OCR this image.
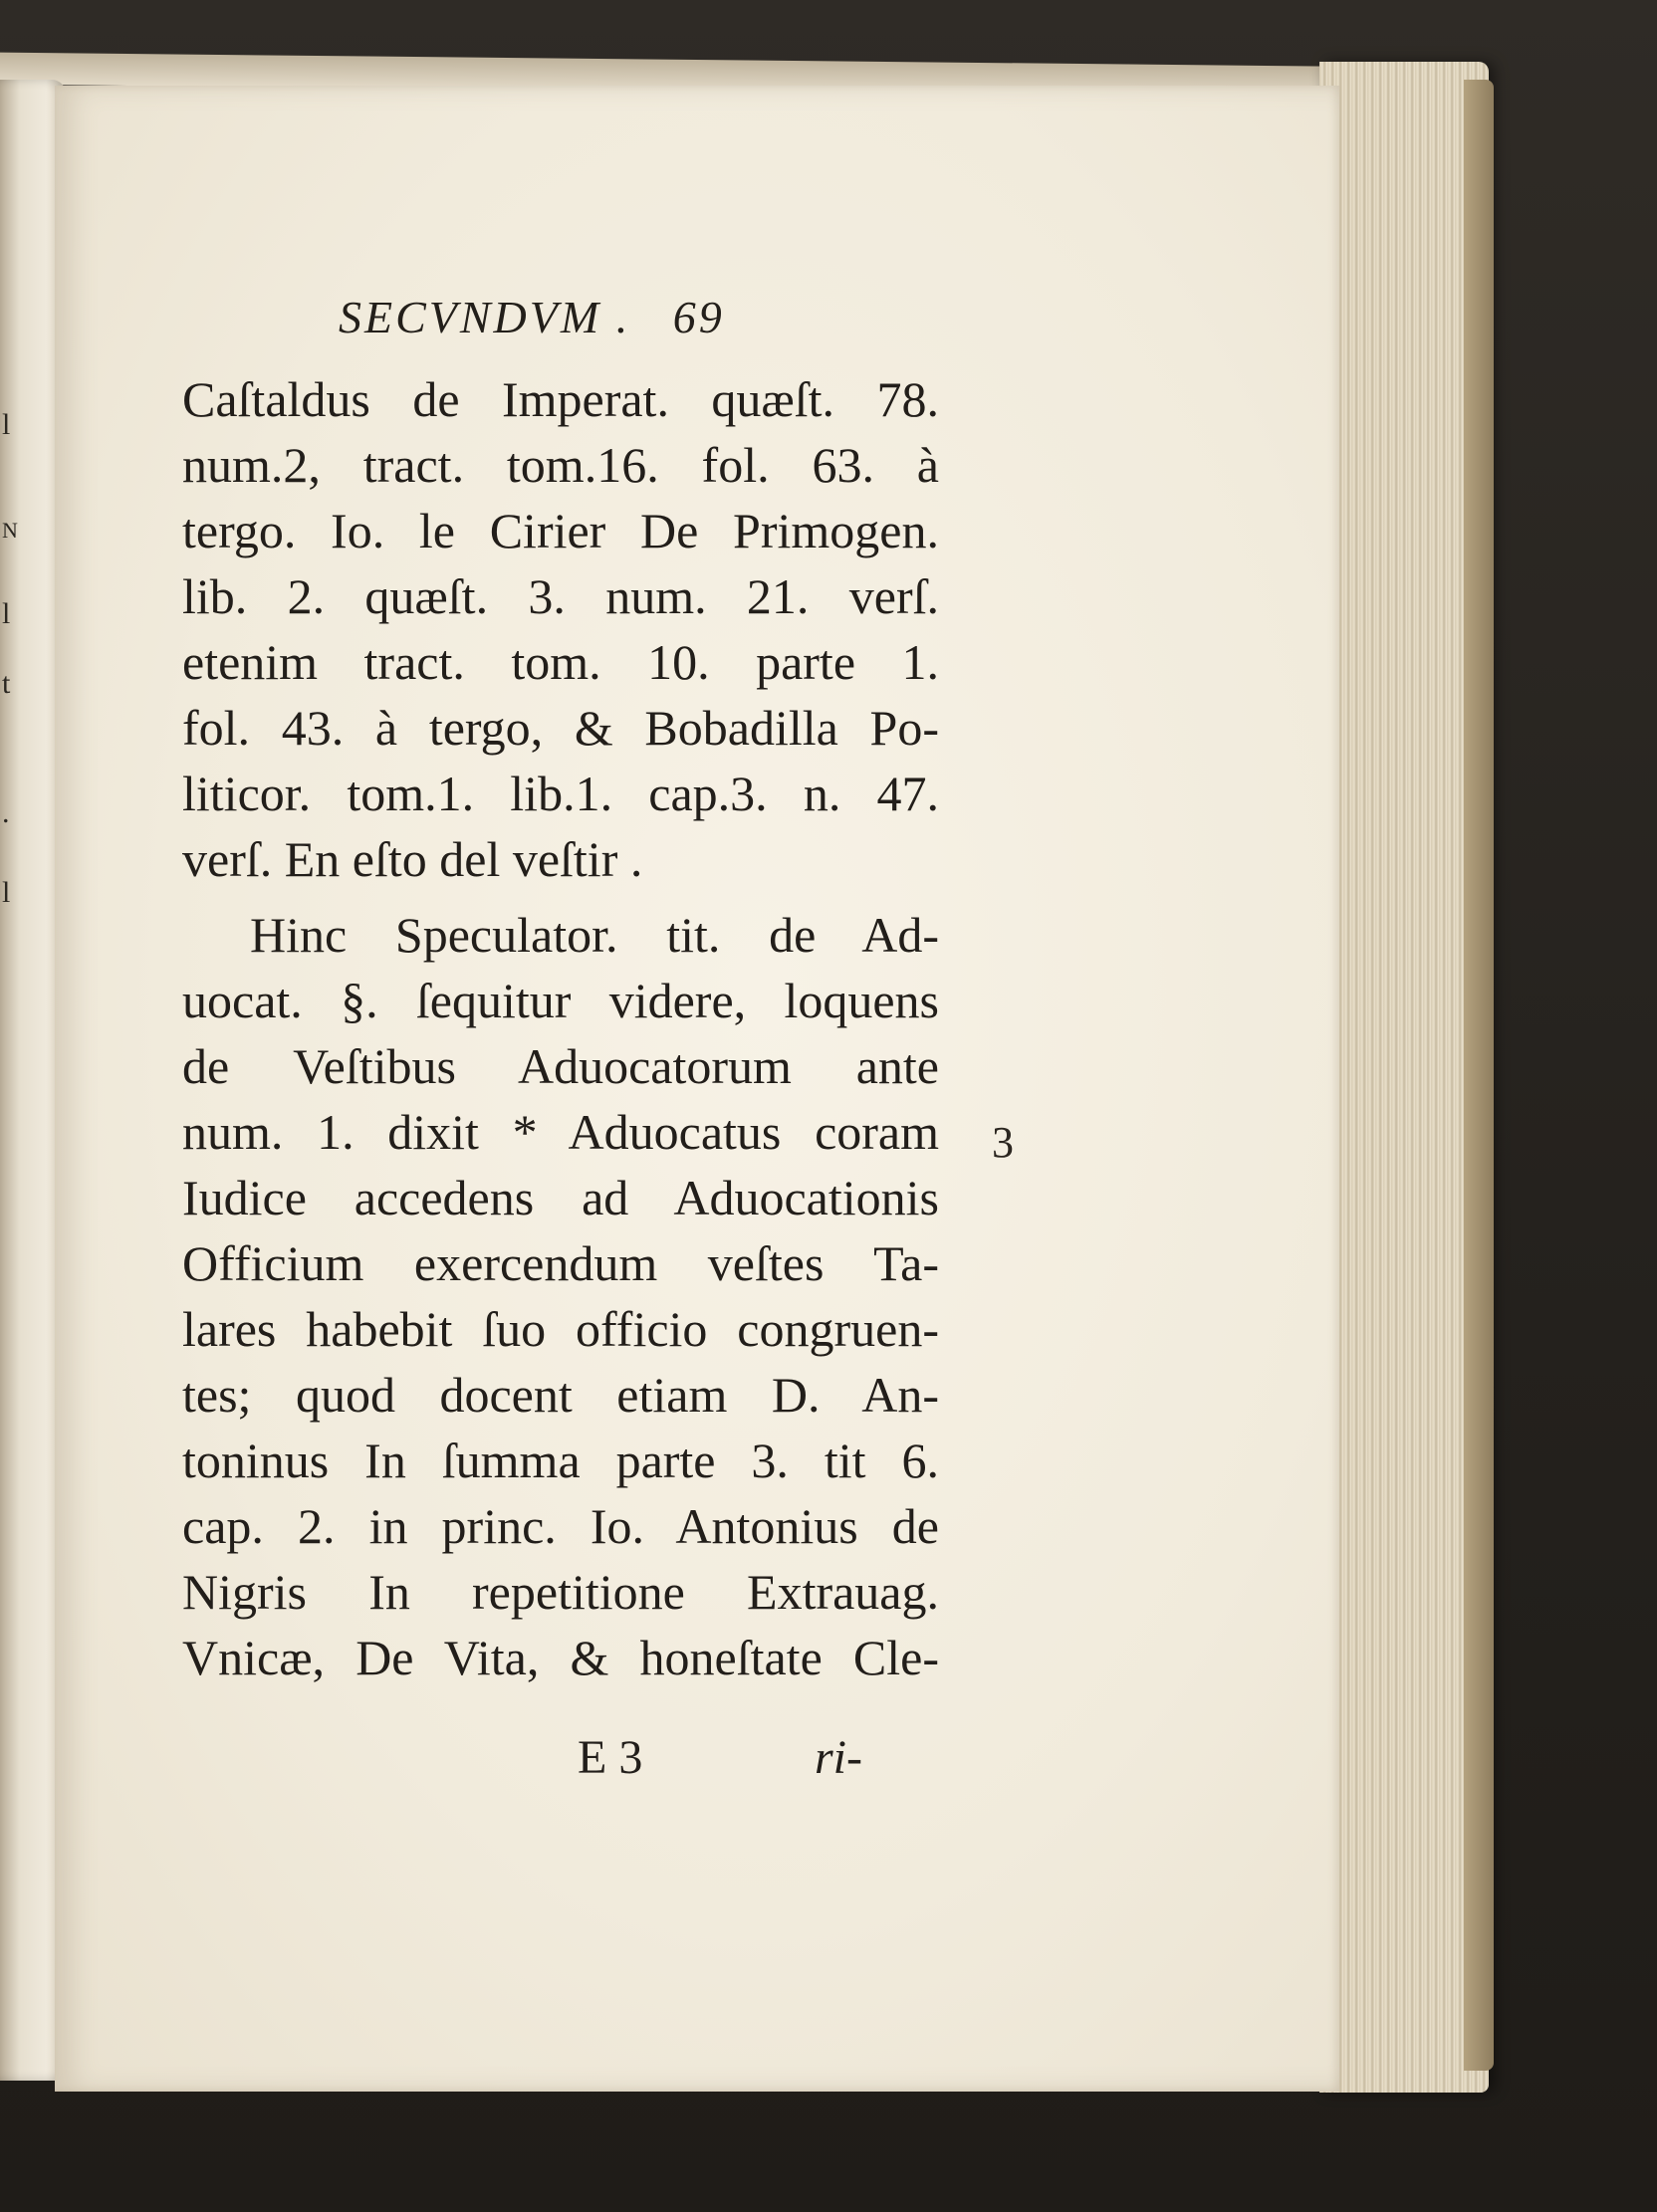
l
N
l
t
.
l
SECVNDVM . 69
Caſtaldus de Imperat. quæſt. 78.
num.2, tract. tom.16. fol. 63. à
tergo. Io. le Cirier De Primogen.
lib. 2. quæſt. 3. num. 21. verſ.
etenim tract. tom. 10. parte 1.
fol. 43. à tergo, & Bobadilla Po-
liticor. tom.1. lib.1. cap.3. n. 47.
verſ. En eſto del veſtir .
Hinc Speculator. tit. de Ad-
uocat. §. ſequitur videre, loquens
de Veſtibus Aduocatorum ante
num. 1. dixit * Aduocatus coram
Iudice accedens ad Aduocationis
Officium exercendum veſtes Ta-
lares habebit ſuo officio congruen-
tes; quod docent etiam D. An-
toninus In ſumma parte 3. tit 6.
cap. 2. in princ. Io. Antonius de
Nigris In repetitione Extrauag.
Vnicæ, De Vita, & honeſtate Cle-
3
E 3	ri-
